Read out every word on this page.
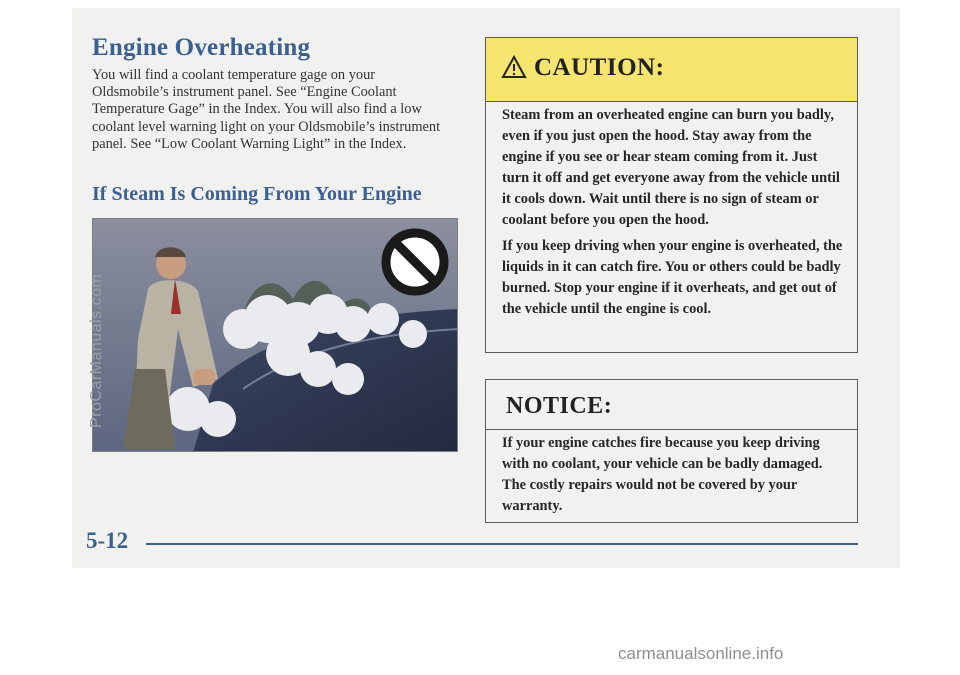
Engine Overheating

You will find a coolant temperature gage on your Oldsmobile’s instrument panel. See “Engine Coolant Temperature Gage” in the Index. You will also find a low coolant level warning light on your Oldsmobile’s instrument panel. See “Low Coolant Warning Light” in the Index.

If Steam Is Coming From Your Engine
ProCarManuals.com
CAUTION:

Steam from an overheated engine can burn you badly, even if you just open the hood. Stay away from the engine if you see or hear steam coming from it. Just turn it off and get everyone away from the vehicle until it cools down. Wait until there is no sign of steam or coolant before you open the hood.

If you keep driving when your engine is overheated, the liquids in it can catch fire. You or others could be badly burned. Stop your engine if it overheats, and get out of the vehicle until the engine is cool.

NOTICE:

If your engine catches fire because you keep driving with no coolant, your vehicle can be badly damaged. The costly repairs would not be covered by your warranty.

5-12
carmanualsonline.info
